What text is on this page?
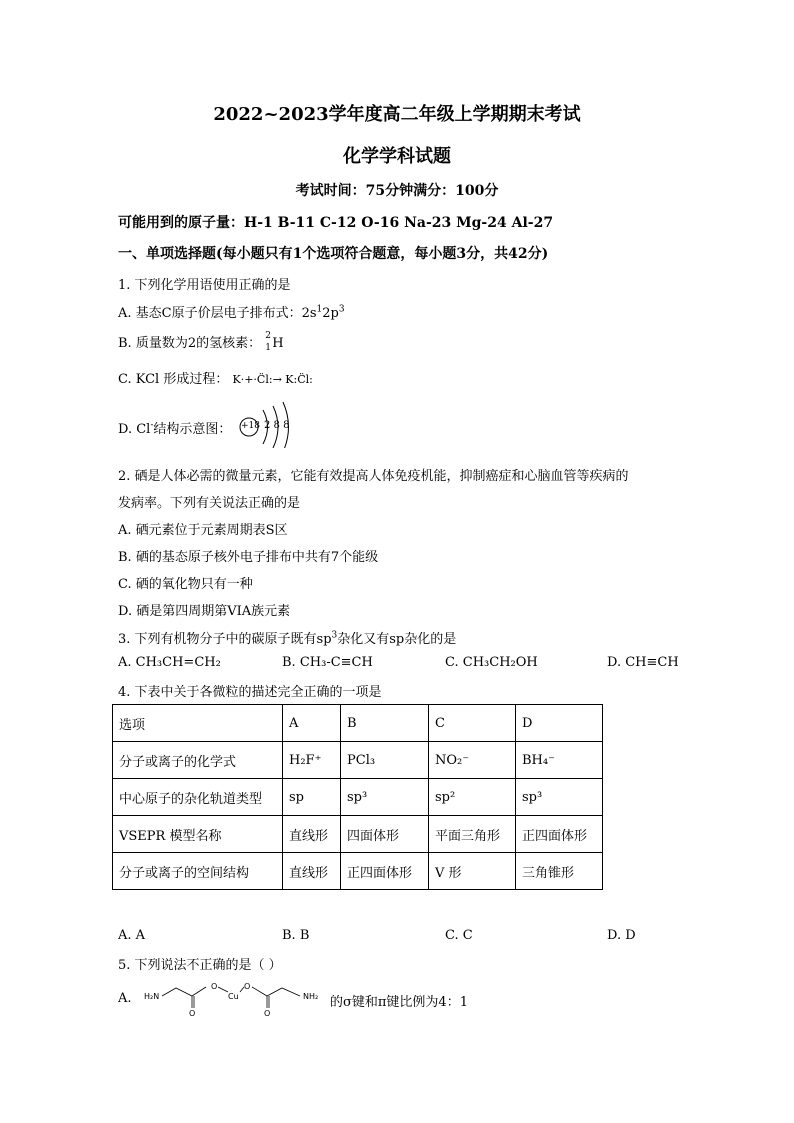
2022~2023学年度高二年级上学期期末考试
化学学科试题
考试时间：75分钟满分：100分
可能用到的原子量：H-1 B-11 C-12 O-16 Na-23 Mg-24 Al-27
一、单项选择题(每小题只有1个选项符合题意，每小题3分，共42分)
1. 下列化学用语使用正确的是
A. 基态C原子价层电子排布式：$2s^12p^3$
B. 质量数为2的氢核素：
2
1 H
C. KCl 形成过程： K·+·C̈l:→ K:C̈l:
D. Cl-结构示意图： +18 2 8 8
2. 硒是人体必需的微量元素，它能有效提高人体免疫机能，抑制癌症和心脑血管等疾病的
发病率。下列有关说法正确的是
A. 硒元素位于元素周期表S区
B. 硒的基态原子核外电子排布中共有7个能级
C. 硒的氧化物只有一种
D. 硒是第四周期第VIA族元素
3. 下列有机物分子中的碳原子既有$sp^3$杂化又有sp杂化的是
A. CH₃CH=CH₂	B. CH₃-C≡CH	C. CH₃CH₂OH	D. CH≡CH
4. 下表中关于各微粒的描述完全正确的一项是
选项	A	B	C	D
分子或离子的化学式	H₂F⁺	PCl₃	NO₂⁻	BH₄⁻
中心原子的杂化轨道类型	sp	sp³	sp²	sp³
VSEPR 模型名称	直线形	四面体形	平面三角形	正四面体形
分子或离子的空间结构	直线形	正四面体形	V 形	三角锥形
A. A	B. B	C. C	D. D
5. 下列说法不正确的是（ ）
A. H₂N
O
O
Cu
O
O
NH₂ 的σ键和π键比例为4：1
